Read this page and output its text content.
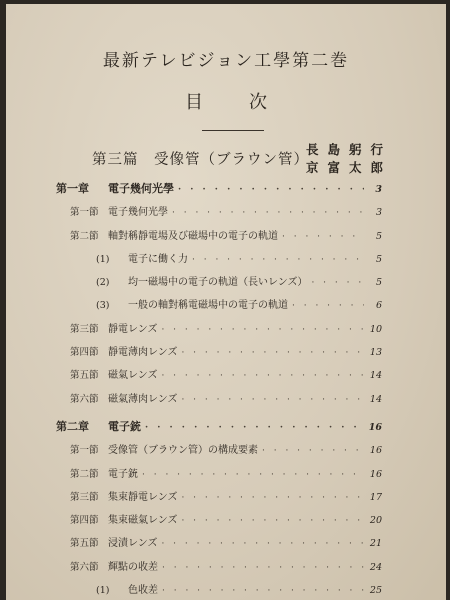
最新テレビジョン工學第二巻
目次
第三篇　受像管（ブラウン管）
長島躬行
京富太郎
第一章	電子幾何光學 · · ·	3
第一節 電子幾何光學 · · ·	3
第二節 軸對稱靜電場及び磁場中の電子の軌道 · · ·	5
(1)	電子に働く力 · · ·	5
(2)	均一磁場中の電子の軌道（長いレンズ） · · ·	5
(3)	一般の軸對稱電磁場中の電子の軌道 · · ·	6
第三節 靜電レンズ · · ·	10
第四節 靜電薄肉レンズ · · ·	13
第五節 磁氣レンズ · · ·	14
第六節 磁氣薄肉レンズ · · ·	14
第二章	電子銃 · · ·	16
第一節 受像管（ブラウン管）の構成要素 · · ·	16
第二節 電子銃 · · ·	16
第三節 集束靜電レンズ · · ·	17
第四節 集束磁氣レンズ · · ·	20
第五節 浸漬レンズ · · ·	21
第六節 輝點の收差 · · ·	24
(1)	色收差 · · ·	25
